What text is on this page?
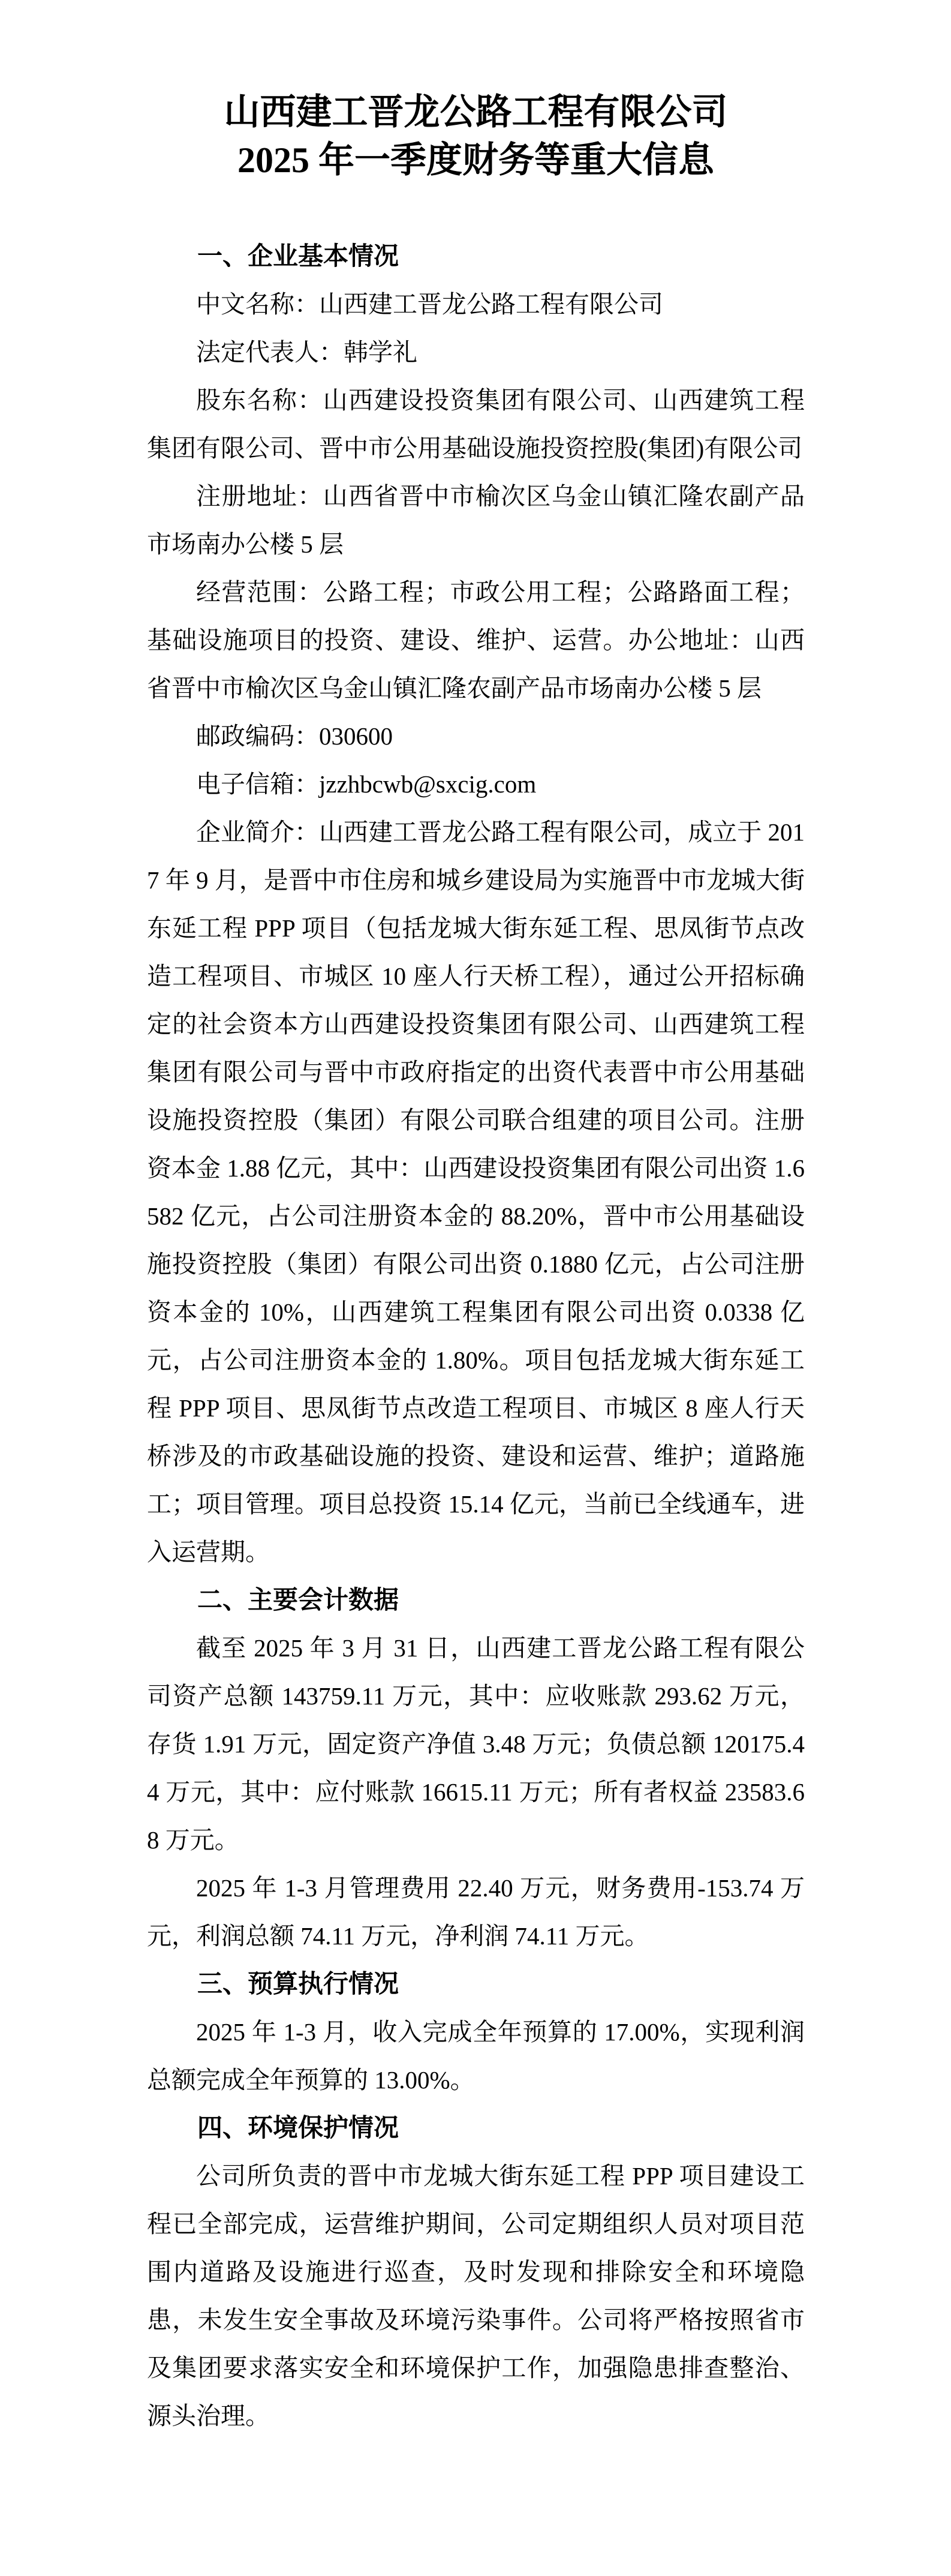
山西建工晋龙公路工程有限公司
2025 年一季度财务等重大信息
一、企业基本情况

中文名称：山西建工晋龙公路工程有限公司

法定代表人：韩学礼

股东名称：山西建设投资集团有限公司、山西建筑工程集团有限公司、晋中市公用基础设施投资控股(集团)有限公司

注册地址：山西省晋中市榆次区乌金山镇汇隆农副产品市场南办公楼 5 层

经营范围：公路工程；市政公用工程；公路路面工程；基础设施项目的投资、建设、维护、运营。办公地址：山西省晋中市榆次区乌金山镇汇隆农副产品市场南办公楼 5 层

邮政编码：030600

电子信箱：jzzhbcwb@sxcig.com

企业简介：山西建工晋龙公路工程有限公司，成立于 2017 年 9 月，是晋中市住房和城乡建设局为实施晋中市龙城大街东延工程 PPP 项目（包括龙城大街东延工程、思凤街节点改造工程项目、市城区 10 座人行天桥工程），通过公开招标确定的社会资本方山西建设投资集团有限公司、山西建筑工程集团有限公司与晋中市政府指定的出资代表晋中市公用基础设施投资控股（集团）有限公司联合组建的项目公司。注册资本金 1.88 亿元，其中：山西建设投资集团有限公司出资 1.6582 亿元，占公司注册资本金的 88.20%，晋中市公用基础设施投资控股（集团）有限公司出资 0.1880 亿元，占公司注册资本金的 10%，山西建筑工程集团有限公司出资 0.0338 亿元，占公司注册资本金的 1.80%。项目包括龙城大街东延工程 PPP 项目、思凤街节点改造工程项目、市城区 8 座人行天桥涉及的市政基础设施的投资、建设和运营、维护；道路施工；项目管理。项目总投资 15.14 亿元，当前已全线通车，进入运营期。

二、主要会计数据

截至 2025 年 3 月 31 日，山西建工晋龙公路工程有限公司资产总额 143759.11 万元，其中：应收账款 293.62 万元，存货 1.91 万元，固定资产净值 3.48 万元；负债总额 120175.44 万元，其中：应付账款 16615.11 万元；所有者权益 23583.68 万元。

2025 年 1-3 月管理费用 22.40 万元，财务费用-153.74 万元，利润总额 74.11 万元，净利润 74.11 万元。

三、预算执行情况

2025 年 1-3 月，收入完成全年预算的 17.00%，实现利润总额完成全年预算的 13.00%。

四、环境保护情况

公司所负责的晋中市龙城大街东延工程 PPP 项目建设工程已全部完成，运营维护期间，公司定期组织人员对项目范围内道路及设施进行巡查，及时发现和排除安全和环境隐患，未发生安全事故及环境污染事件。公司将严格按照省市及集团要求落实安全和环境保护工作，加强隐患排查整治、源头治理。
